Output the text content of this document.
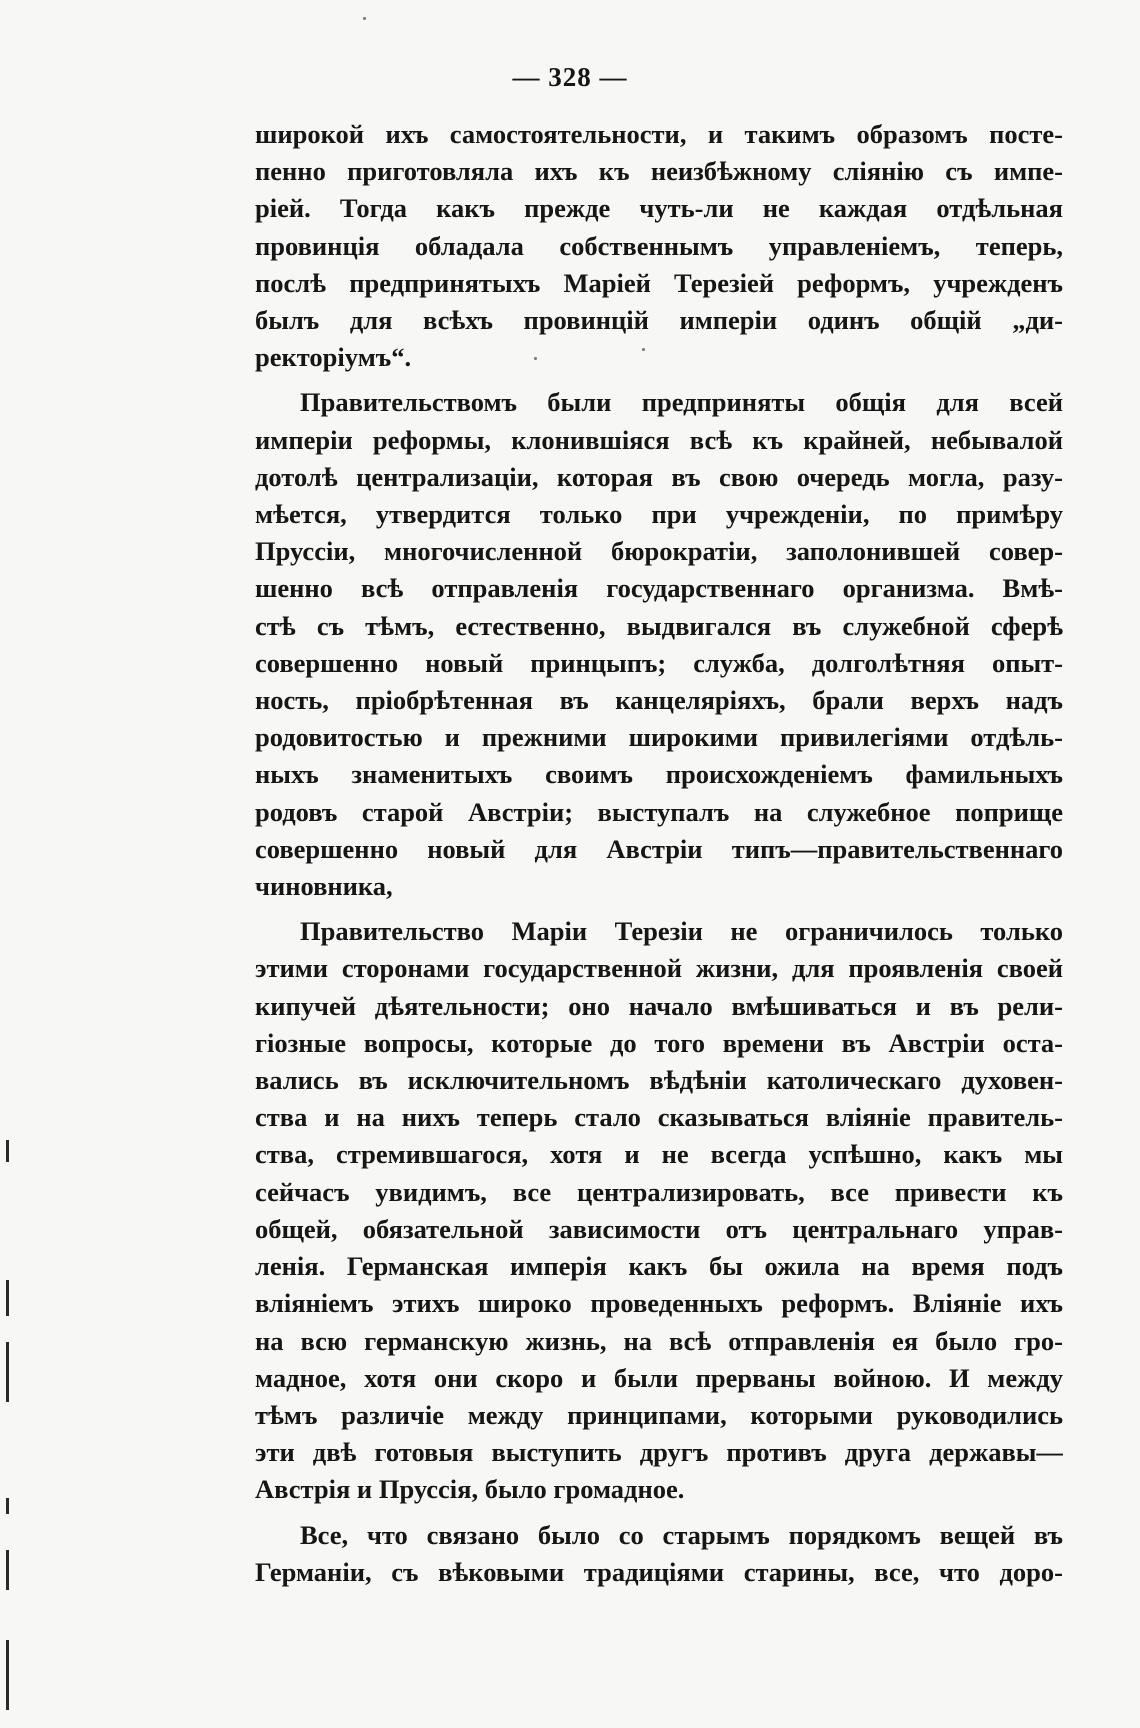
— 328 —
широкой ихъ самостоятельности, и такимъ образомъ посте-
пенно приготовляла ихъ къ неизбѣжному слiянiю съ импе-
рiей. Тогда какъ прежде чуть-ли не каждая отдѣльная
провинцiя обладала собственнымъ управленiемъ, теперь,
послѣ предпринятыхъ Марiей Терезiей реформъ, учрежденъ
былъ для всѣхъ провинцiй имперiи одинъ общiй „ди-
ректорiумъ“.
Правительствомъ были предприняты общiя для всей
имперiи реформы, клонившiяся всѣ къ крайней, небывалой
дотолѣ централизацiи, которая въ свою очередь могла, разу-
мѣется, утвердится только при учрежденiи, по примѣру
Пруссiи, многочисленной бюрократiи, заполонившей совер-
шенно всѣ отправленiя государственнаго организма. Вмѣ-
стѣ съ тѣмъ, естественно, выдвигался въ служебной сферѣ
совершенно новый принцыпъ; служба, долголѣтняя опыт-
ность, прiобрѣтенная въ канцелярiяхъ, брали верхъ надъ
родовитостью и прежними широкими привилегiями отдѣль-
ныхъ знаменитыхъ своимъ происхожденiемъ фамильныхъ
родовъ старой Австрiи; выступалъ на служебное поприще
совершенно новый для Австрiи типъ—правительственнаго
чиновника,
Правительство Марiи Терезiи не ограничилось только
этими сторонами государственной жизни, для проявленiя своей
кипучей дѣятельности; оно начало вмѣшиваться и въ рели-
гiозные вопросы, которые до того времени въ Австрiи оста-
вались въ исключительномъ вѣдѣнiи католическаго духовен-
ства и на нихъ теперь стало сказываться влiянiе правитель-
ства, стремившагося, хотя и не всегда успѣшно, какъ мы
сейчасъ увидимъ, все централизировать, все привести къ
общей, обязательной зависимости отъ центральнаго управ-
ленiя. Германская имперiя какъ бы ожила на время подъ
влiянiемъ этихъ широко проведенныхъ реформъ. Влiянiе ихъ
на всю германскую жизнь, на всѣ отправленiя ея было гро-
мадное, хотя они скоро и были прерваны войною. И между
тѣмъ различiе между принципами, которыми руководились
эти двѣ готовыя выступить другъ противъ друга державы—
Австрiя и Пруссiя, было громадное.
Все, что связано было со старымъ порядкомъ вещей въ
Германiи, съ вѣковыми традицiями старины, все, что доро-
